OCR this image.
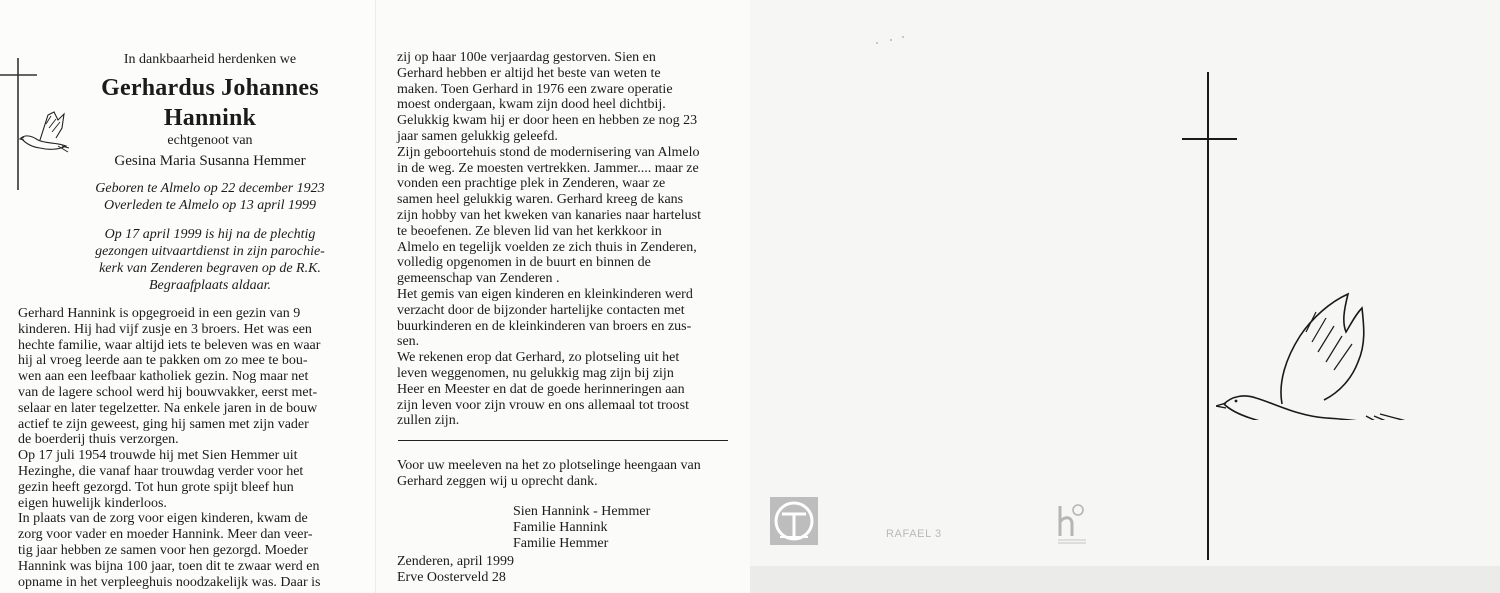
In dankbaarheid herdenken we
Gerhardus Johannes
Hannink
echtgenoot van
Gesina Maria Susanna Hemmer
Geboren te Almelo op 22 december 1923
Overleden te Almelo op 13 april 1999
Op 17 april 1999 is hij na de plechtig
gezongen uitvaartdienst in zijn parochie-
kerk van Zenderen begraven op de R.K.
Begraafplaats aldaar.
Gerhard Hannink is opgegroeid in een gezin van 9
kinderen. Hij had vijf zusje en 3 broers. Het was een
hechte familie, waar altijd iets te beleven was en waar
hij al vroeg leerde aan te pakken om zo mee te bou-
wen aan een leefbaar katholiek gezin. Nog maar net
van de lagere school werd hij bouwvakker, eerst met-
selaar en later tegelzetter. Na enkele jaren in de bouw
actief te zijn geweest, ging hij samen met zijn vader
de boerderij thuis verzorgen.
Op 17 juli 1954 trouwde hij met Sien Hemmer uit
Hezinghe, die vanaf haar trouwdag verder voor het
gezin heeft gezorgd. Tot hun grote spijt bleef hun
eigen huwelijk kinderloos.
In plaats van de zorg voor eigen kinderen, kwam de
zorg voor vader en moeder Hannink. Meer dan veer-
tig jaar hebben ze samen voor hen gezorgd. Moeder
Hannink was bijna 100 jaar, toen dit te zwaar werd en
opname in het verpleeghuis noodzakelijk was. Daar is
zij op haar 100e verjaardag gestorven. Sien en
Gerhard hebben er altijd het beste van weten te
maken. Toen Gerhard in 1976 een zware operatie
moest ondergaan, kwam zijn dood heel dichtbij.
Gelukkig kwam hij er door heen en hebben ze nog 23
jaar samen gelukkig geleefd.
Zijn geboortehuis stond de modernisering van Almelo
in de weg. Ze moesten vertrekken. Jammer.... maar ze
vonden een prachtige plek in Zenderen, waar ze
samen heel gelukkig waren. Gerhard kreeg de kans
zijn hobby van het kweken van kanaries naar hartelust
te beoefenen. Ze bleven lid van het kerkkoor in
Almelo en tegelijk voelden ze zich thuis in Zenderen,
volledig opgenomen in de buurt en binnen de
gemeenschap van Zenderen .
Het gemis van eigen kinderen en kleinkinderen werd
verzacht door de bijzonder hartelijke contacten met
buurkinderen en de kleinkinderen van broers en zus-
sen.
We rekenen erop dat Gerhard, zo plotseling uit het
leven weggenomen, nu gelukkig mag zijn bij zijn
Heer en Meester en dat de goede herinneringen aan
zijn leven voor zijn vrouw en ons allemaal tot troost
zullen zijn.
Voor uw meeleven na het zo plotselinge heengaan van
Gerhard zeggen wij u oprecht dank.
Sien Hannink - Hemmer
Familie Hannink
Familie Hemmer
Zenderen, april 1999
Erve Oosterveld 28
RAFAEL 3
